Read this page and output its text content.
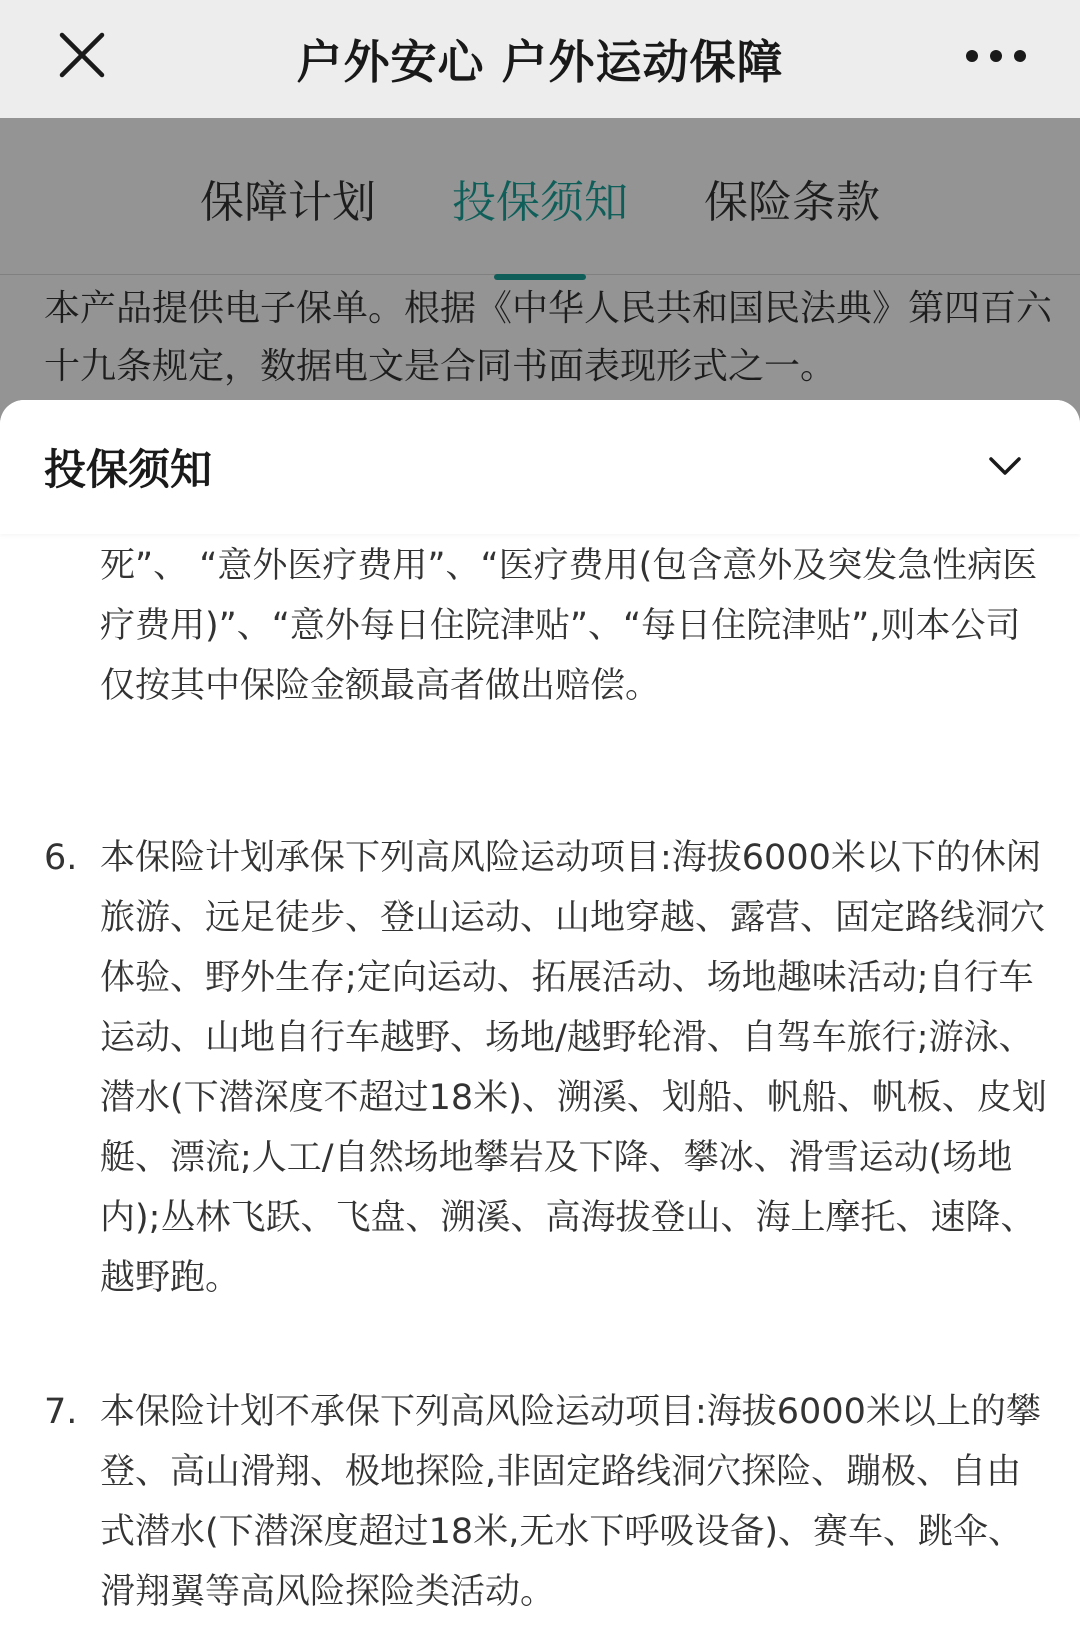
户外安心 户外运动保障
保障计划 投保须知 保险条款
本产品提供电子保单。根据《中华人民共和国民法典》第四百六十九条规定，数据电文是合同书面表现形式之一。
投保须知
死”、 “意外医疗费用”、“医疗费用(包含意外及突发急性病医疗费用)”、“意外每日住院津贴”、“每日住院津贴”,则本公司仅按其中保险金额最高者做出赔偿。
6. 本保险计划承保下列高风险运动项目:海拔6000米以下的休闲旅游、远足徒步、登山运动、山地穿越、露营、固定路线洞穴体验、野外生存;定向运动、拓展活动、场地趣味活动;自行车运动、山地自行车越野、场地/越野轮滑、自驾车旅行;游泳、潜水(下潜深度不超过18米)、溯溪、划船、帆船、帆板、皮划艇、漂流;人工/自然场地攀岩及下降、攀冰、滑雪运动(场地内);丛林飞跃、飞盘、溯溪、高海拔登山、海上摩托、速降、越野跑。
7. 本保险计划不承保下列高风险运动项目:海拔6000米以上的攀登、高山滑翔、极地探险,非固定路线洞穴探险、蹦极、自由式潜水(下潜深度超过18米,无水下呼吸设备)、赛车、跳伞、滑翔翼等高风险探险类活动。
